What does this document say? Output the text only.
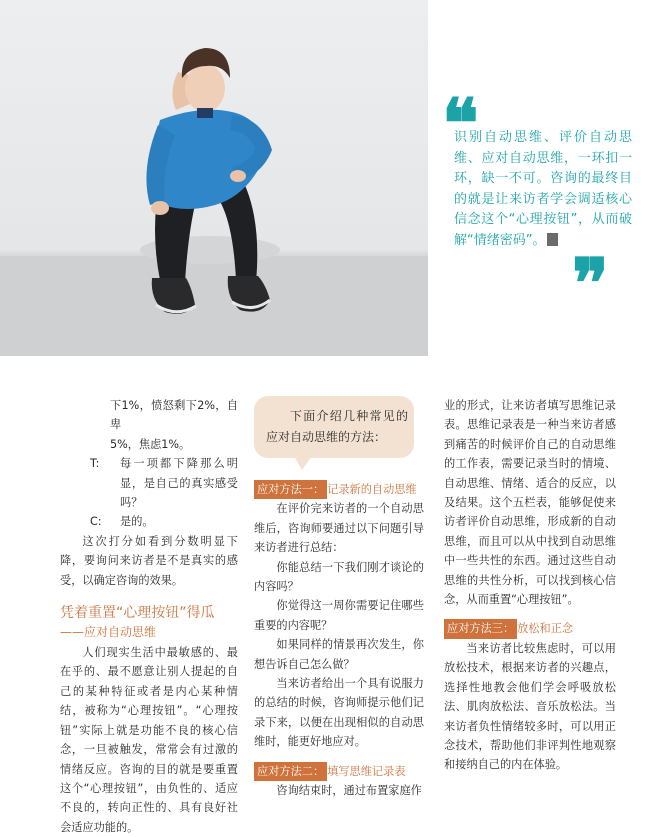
❝
识别自动思维、评价自动思维、应对自动思维，一环扣一环，缺一不可。咨询的最终目的就是让来访者学会调适核心信念这个“心理按钮”，从而破解“情绪密码”。
❞
下1%，愤怒剩下2%，自卑
5%，焦虑1%。
T:	每一项都下降那么明显，是自己的真实感受吗？
C:	是的。

这次打分如看到分数明显下降，要询问来访者是不是真实的感受，以确定咨询的效果。

凭着重置“心理按钮”得瓜
——应对自动思维

人们现实生活中最敏感的、最在乎的、最不愿意让别人提起的自己的某种特征或者是内心某种情结，被称为“心理按钮”。“心理按钮”实际上就是功能不良的核心信念，一旦被触发，常常会有过激的情绪反应。咨询的目的就是要重置这个“心理按钮”，由负性的、适应不良的，转向正性的、具有良好社会适应功能的。

下面介绍几种常见的应对自动思维的方法：
应对方法一： 记录新的自动思维

在评价完来访者的一个自动思维后，咨询师要通过以下问题引导来访者进行总结：

你能总结一下我们刚才谈论的内容吗？

你觉得这一周你需要记住哪些重要的内容呢？

如果同样的情景再次发生，你想告诉自己怎么做？

当来访者给出一个具有说服力的总结的时候，咨询师提示他们记录下来，以便在出现相似的自动思维时，能更好地应对。

应对方法二： 填写思维记录表

咨询结束时，通过布置家庭作

业的形式，让来访者填写思维记录表。思维记录表是一种当来访者感到痛苦的时候评价自己的自动思维的工作表，需要记录当时的情境、自动思维、情绪、适合的反应，以及结果。这个五栏表，能够促使来访者评价自动思维，形成新的自动思维，而且可以从中找到自动思维中一些共性的东西。通过这些自动思维的共性分析，可以找到核心信念，从而重置“心理按钮”。

应对方法三： 放松和正念

当来访者比较焦虑时，可以用放松技术，根据来访者的兴趣点，选择性地教会他们学会呼吸放松法、肌肉放松法、音乐放松法。当来访者负性情绪较多时，可以用正念技术，帮助他们非评判性地观察和接纳自己的内在体验。
